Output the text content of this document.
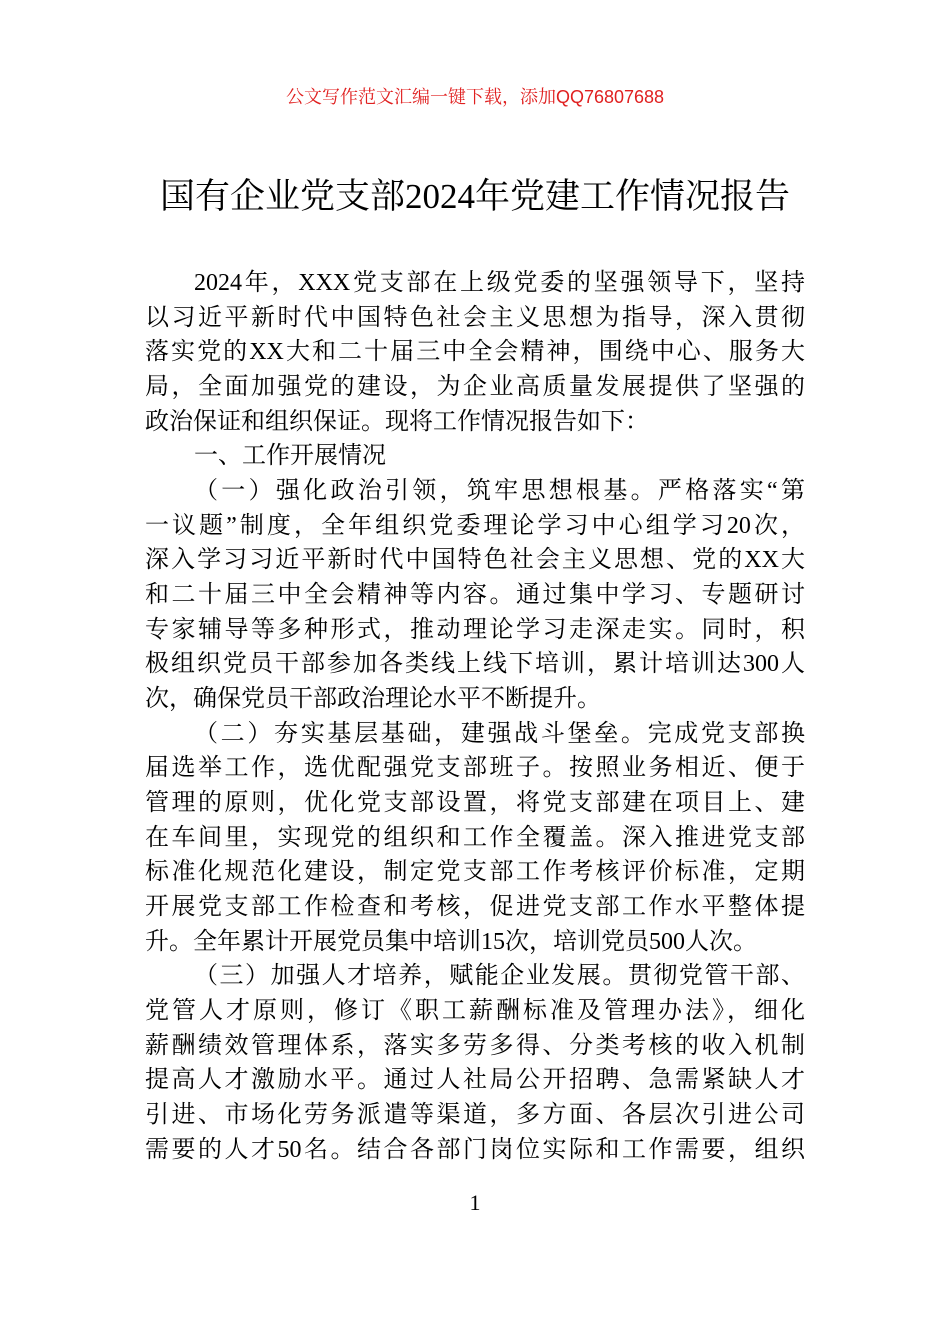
公文写作范文汇编一键下载，添加QQ76807688
国有企业党支部2024年党建工作情况报告
2024年，XXX党支部在上级党委的坚强领导下，坚持
以习近平新时代中国特色社会主义思想为指导，深入贯彻
落实党的XX大和二十届三中全会精神，围绕中心、服务大
局，全面加强党的建设，为企业高质量发展提供了坚强的
政治保证和组织保证。现将工作情况报告如下：
一、工作开展情况
（一）强化政治引领，筑牢思想根基。严格落实“第
一议题”制度，全年组织党委理论学习中心组学习20次，
深入学习习近平新时代中国特色社会主义思想、党的XX大
和二十届三中全会精神等内容。通过集中学习、专题研讨
专家辅导等多种形式，推动理论学习走深走实。同时，积
极组织党员干部参加各类线上线下培训，累计培训达300人
次，确保党员干部政治理论水平不断提升。
（二）夯实基层基础，建强战斗堡垒。完成党支部换
届选举工作，选优配强党支部班子。按照业务相近、便于
管理的原则，优化党支部设置，将党支部建在项目上、建
在车间里，实现党的组织和工作全覆盖。深入推进党支部
标准化规范化建设，制定党支部工作考核评价标准，定期
开展党支部工作检查和考核，促进党支部工作水平整体提
升。全年累计开展党员集中培训15次，培训党员500人次。
（三）加强人才培养，赋能企业发展。贯彻党管干部、
党管人才原则，修订《职工薪酬标准及管理办法》，细化
薪酬绩效管理体系，落实多劳多得、分类考核的收入机制
提高人才激励水平。通过人社局公开招聘、急需紧缺人才
引进、市场化劳务派遣等渠道，多方面、各层次引进公司
需要的人才50名。结合各部门岗位实际和工作需要，组织
1
